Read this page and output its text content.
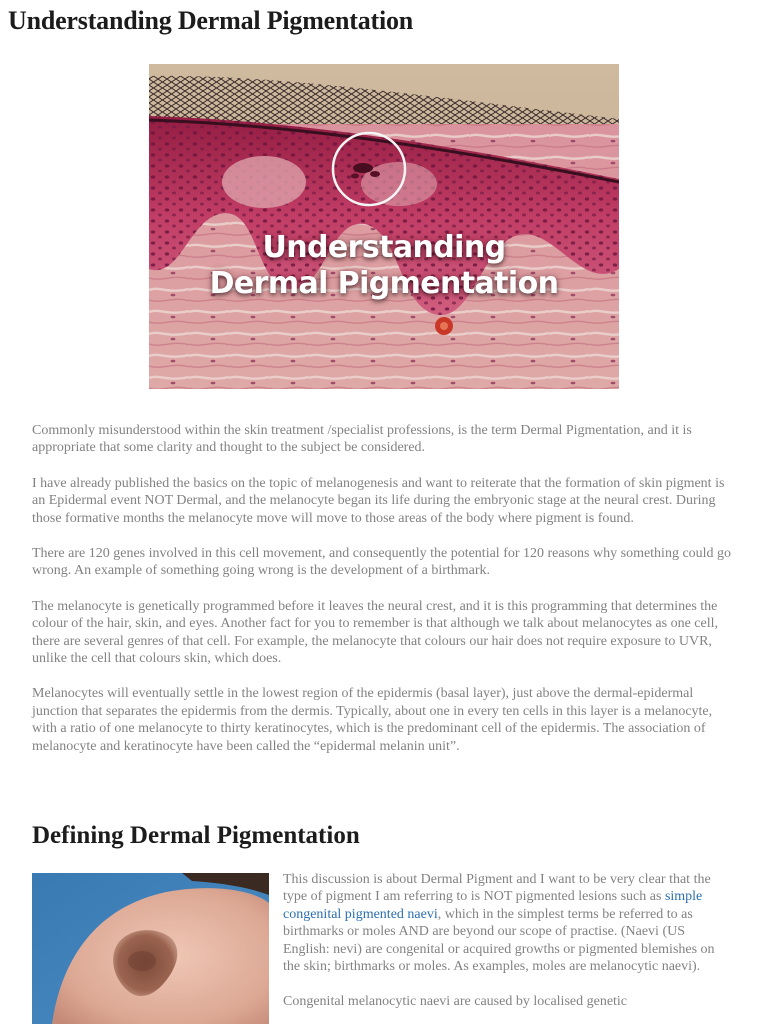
Understanding Dermal Pigmentation
Understanding
Dermal Pigmentation

Commonly misunderstood within the skin treatment /specialist professions, is the term Dermal Pigmentation, and it is appropriate that some clarity and thought to the subject be considered.

I have already published the basics on the topic of melanogenesis and want to reiterate that the formation of skin pigment is an Epidermal event NOT Dermal, and the melanocyte began its life during the embryonic stage at the neural crest. During those formative months the melanocyte move will move to those areas of the body where pigment is found.

There are 120 genes involved in this cell movement, and consequently the potential for 120 reasons why something could go wrong. An example of something going wrong is the development of a birthmark.

The melanocyte is genetically programmed before it leaves the neural crest, and it is this programming that determines the colour of the hair, skin, and eyes. Another fact for you to remember is that although we talk about melanocytes as one cell, there are several genres of that cell. For example, the melanocyte that colours our hair does not require exposure to UVR, unlike the cell that colours skin, which does.

Melanocytes will eventually settle in the lowest region of the epidermis (basal layer), just above the dermal-epidermal junction that separates the epidermis from the dermis. Typically, about one in every ten cells in this layer is a melanocyte, with a ratio of one melanocyte to thirty keratinocytes, which is the predominant cell of the epidermis. The association of melanocyte and keratinocyte have been called the “epidermal melanin unit”.

Defining Dermal Pigmentation

This discussion is about Dermal Pigment and I want to be very clear that the type of pigment I am referring to is NOT pigmented lesions such as simple congenital pigmented naevi, which in the simplest terms be referred to as birthmarks or moles AND are beyond our scope of practise. (Naevi (US English: nevi) are congenital or acquired growths or pigmented blemishes on the skin; birthmarks or moles. As examples, moles are melanocytic naevi).

Congenital melanocytic naevi are caused by localised genetic
